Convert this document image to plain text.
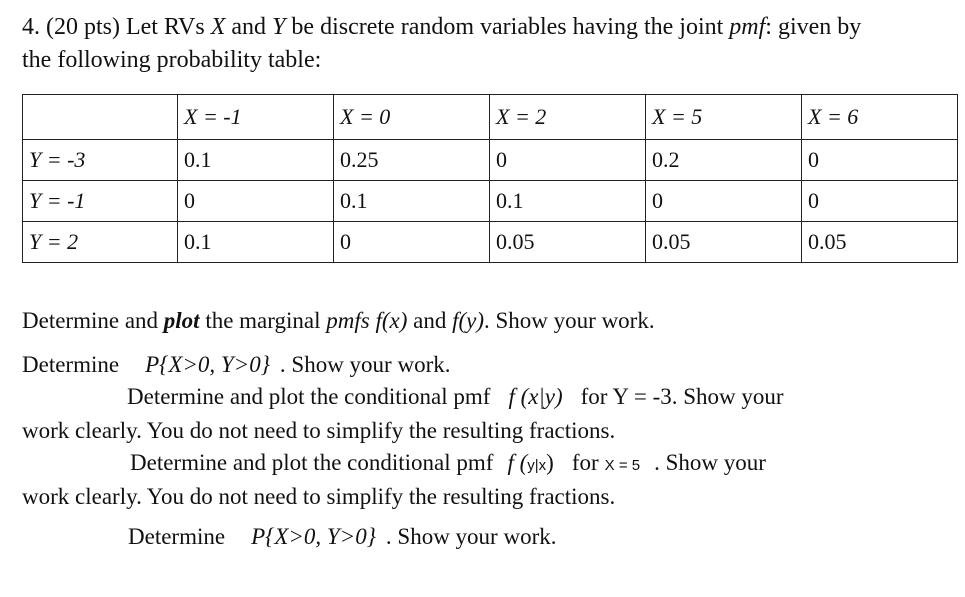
4. (20 pts) Let RVs X and Y be discrete random variables having the joint pmf: given by
the following probability table:
	X = -1	X = 0	X = 2	X = 5	X = 6
Y = -3	0.1	0.25	0	0.2	0
Y = -1	0	0.1	0.1	0	0
Y = 2	0.1	0	0.05	0.05	0.05
Determine and plot the marginal pmfs f(x) and f(y). Show your work.
Determine P{X>0, Y>0} . Show your work.
Determine and plot the conditional pmf f (x|y) for Y = -3. Show your
work clearly. You do not need to simplify the resulting fractions.
Determine and plot the conditional pmf f (y|x) for X = 5 . Show your
work clearly. You do not need to simplify the resulting fractions.
Determine P{X>0, Y>0} . Show your work.
